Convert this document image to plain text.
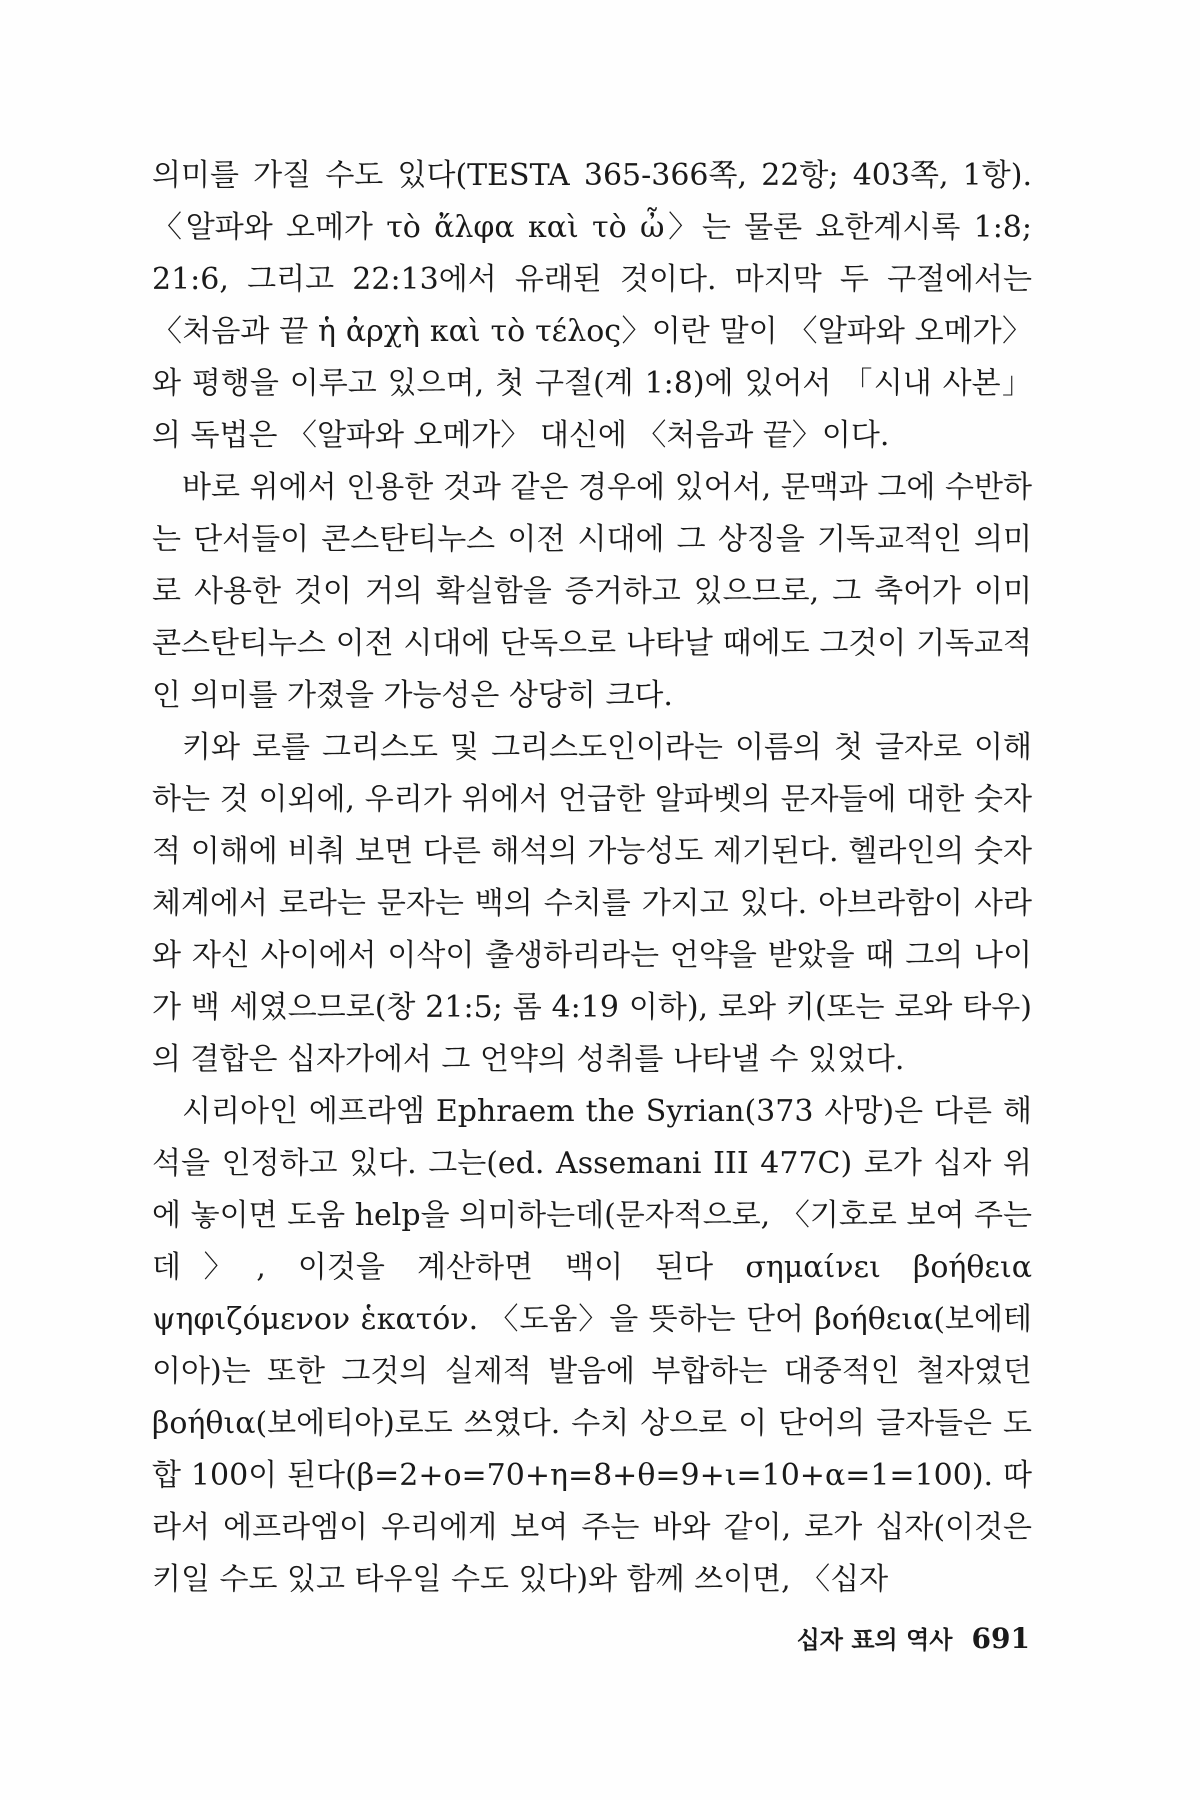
의미를 가질 수도 있다(TESTA 365-366쪽, 22항; 403쪽, 1항). 〈알파와 오메가 τὸ ἄλφα καὶ τὸ ὦ〉는 물론 요한계시록 1:8; 21:6, 그리고 22:13에서 유래된 것이다. 마지막 두 구절에서는 〈처음과 끝 ἡ ἀρχὴ καὶ τὸ τέλος〉이란 말이 〈알파와 오메가〉와 평행을 이루고 있으며, 첫 구절(계 1:8)에 있어서 「시내 사본」의 독법은 〈알파와 오메가〉 대신에 〈처음과 끝〉이다.

바로 위에서 인용한 것과 같은 경우에 있어서, 문맥과 그에 수반하는 단서들이 콘스탄티누스 이전 시대에 그 상징을 기독교적인 의미로 사용한 것이 거의 확실함을 증거하고 있으므로, 그 축어가 이미 콘스탄티누스 이전 시대에 단독으로 나타날 때에도 그것이 기독교적인 의미를 가졌을 가능성은 상당히 크다.

키와 로를 그리스도 및 그리스도인이라는 이름의 첫 글자로 이해하는 것 이외에, 우리가 위에서 언급한 알파벳의 문자들에 대한 숫자적 이해에 비춰 보면 다른 해석의 가능성도 제기된다. 헬라인의 숫자 체계에서 로라는 문자는 백의 수치를 가지고 있다. 아브라함이 사라와 자신 사이에서 이삭이 출생하리라는 언약을 받았을 때 그의 나이가 백 세였으므로(창 21:5; 롬 4:19 이하), 로와 키(또는 로와 타우)의 결합은 십자가에서 그 언약의 성취를 나타낼 수 있었다.

시리아인 에프라엠 Ephraem the Syrian(373 사망)은 다른 해석을 인정하고 있다. 그는(ed. Assemani III 477C) 로가 십자 위에 놓이면 도움 help을 의미하는데(문자적으로, 〈기호로 보여 주는데〉, 이것을 계산하면 백이 된다 σημαίνει βοήθεια ψηφιζόμενον ἑκατόν. 〈도움〉을 뜻하는 단어 βοήθεια(보에테이아)는 또한 그것의 실제적 발음에 부합하는 대중적인 철자였던 βοήθια(보에티아)로도 쓰였다. 수치 상으로 이 단어의 글자들은 도합 100이 된다(β=2+ο=70+η=8+θ=9+ι=10+α=1=100). 따라서 에프라엠이 우리에게 보여 주는 바와 같이, 로가 십자(이것은 키일 수도 있고 타우일 수도 있다)와 함께 쓰이면, 〈십자

십자 표의 역사 691
